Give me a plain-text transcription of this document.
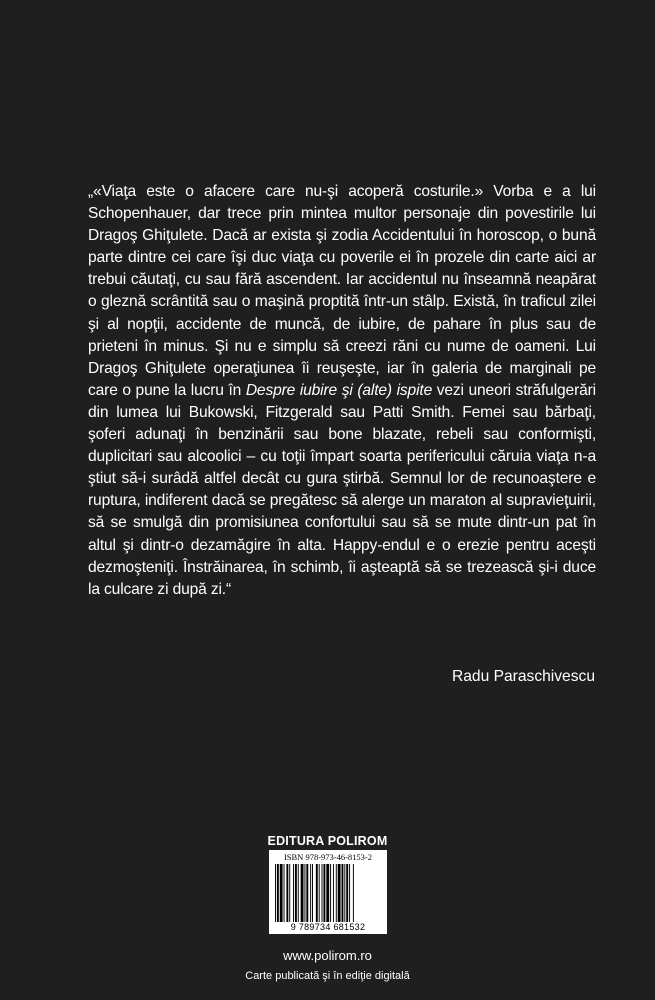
„«Viaţa este o afacere care nu-şi acoperă costurile.» Vorba e a lui Schopenhauer, dar trece prin mintea multor personaje din povestirile lui Dragoş Ghiţulete. Dacă ar exista şi zodia Accidentului în horoscop, o bună parte dintre cei care îşi duc viaţa cu poverile ei în prozele din carte aici ar trebui căutaţi, cu sau fără ascendent. Iar accidentul nu înseamnă neapărat o gleznă scrântită sau o maşină proptită într-un stâlp. Există, în traficul zilei şi al nopţii, accidente de muncă, de iubire, de pahare în plus sau de prieteni în minus. Şi nu e simplu să creezi răni cu nume de oameni. Lui Dragoş Ghiţulete operaţiunea îi reuşeşte, iar în galeria de marginali pe care o pune la lucru în Despre iubire şi (alte) ispite vezi uneori străfulgerări din lumea lui Bukowski, Fitzgerald sau Patti Smith. Femei sau bărbaţi, şoferi adunaţi în benzinării sau bone blazate, rebeli sau conformişti, duplicitari sau alcoolici – cu toţii împart soarta perifericului căruia viaţa n-a ştiut să-i surâdă altfel decât cu gura ştirbă. Semnul lor de recunoaştere e ruptura, indiferent dacă se pregătesc să alerge un maraton al supravieţuirii, să se smulgă din promisiunea confortului sau să se mute dintr-un pat în altul şi dintr-o dezamăgire în alta. Happy-endul e o erezie pentru aceşti dezmoşteniţi. Înstrăinarea, în schimb, îi aşteaptă să se trezească şi-i duce la culcare zi după zi.“

Radu Paraschivescu
EDITURA POLIROM
ISBN 978-973-46-8153-2
9 789734 681532
www.polirom.ro
Carte publicată şi în ediţie digitală
